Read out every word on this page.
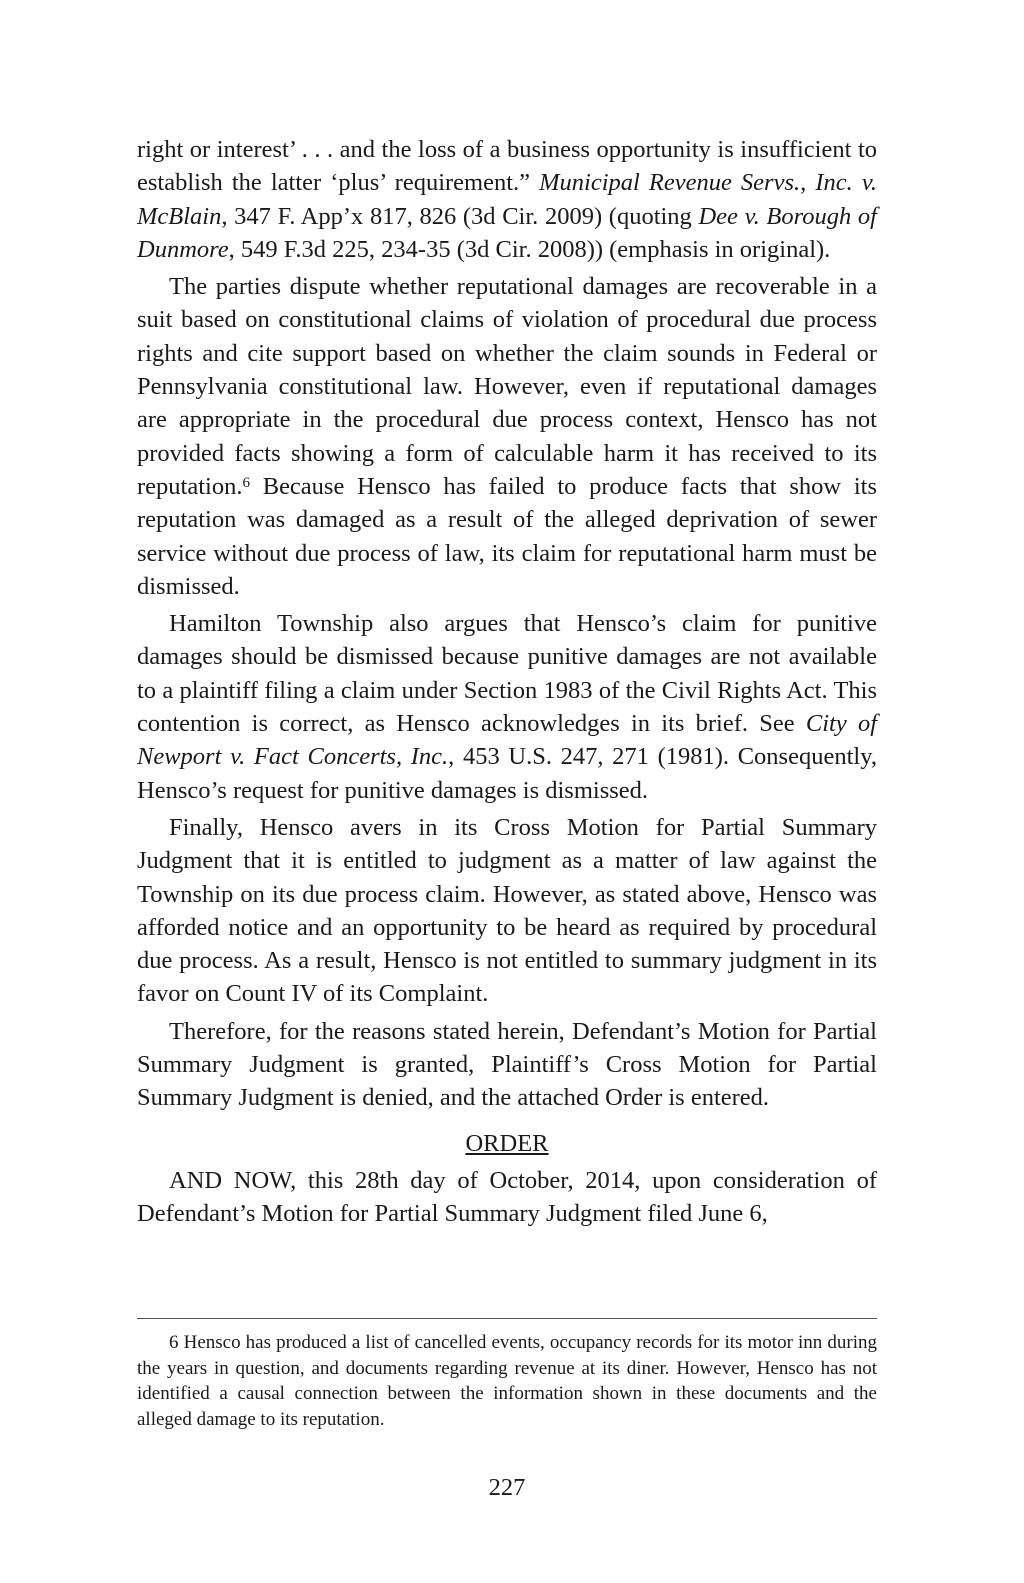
right or interest’ . . . and the loss of a business opportunity is insufficient to establish the latter ‘plus’ requirement.” Municipal Revenue Servs., Inc. v. McBlain, 347 F. App’x 817, 826 (3d Cir. 2009) (quoting Dee v. Borough of Dunmore, 549 F.3d 225, 234-35 (3d Cir. 2008)) (emphasis in original).

The parties dispute whether reputational damages are recoverable in a suit based on constitutional claims of violation of procedural due process rights and cite support based on whether the claim sounds in Federal or Pennsylvania constitutional law. However, even if reputational damages are appropriate in the procedural due process context, Hensco has not provided facts showing a form of calculable harm it has received to its reputation.$^6$ Because Hensco has failed to produce facts that show its reputation was damaged as a result of the alleged deprivation of sewer service without due process of law, its claim for reputational harm must be dismissed.

Hamilton Township also argues that Hensco’s claim for punitive damages should be dismissed because punitive damages are not available to a plaintiff filing a claim under Section 1983 of the Civil Rights Act. This contention is correct, as Hensco acknowledges in its brief. See City of Newport v. Fact Concerts, Inc., 453 U.S. 247, 271 (1981). Consequently, Hensco’s request for punitive damages is dismissed.

Finally, Hensco avers in its Cross Motion for Partial Summary Judgment that it is entitled to judgment as a matter of law against the Township on its due process claim. However, as stated above, Hensco was afforded notice and an opportunity to be heard as required by procedural due process. As a result, Hensco is not entitled to summary judgment in its favor on Count IV of its Complaint.

Therefore, for the reasons stated herein, Defendant’s Motion for Partial Summary Judgment is granted, Plaintiff’s Cross Motion for Partial Summary Judgment is denied, and the attached Order is entered.

ORDER

AND NOW, this 28th day of October, 2014, upon consideration of Defendant’s Motion for Partial Summary Judgment filed June 6,

6 Hensco has produced a list of cancelled events, occupancy records for its motor inn during the years in question, and documents regarding revenue at its diner. However, Hensco has not identified a causal connection between the information shown in these documents and the alleged damage to its reputation.

227
